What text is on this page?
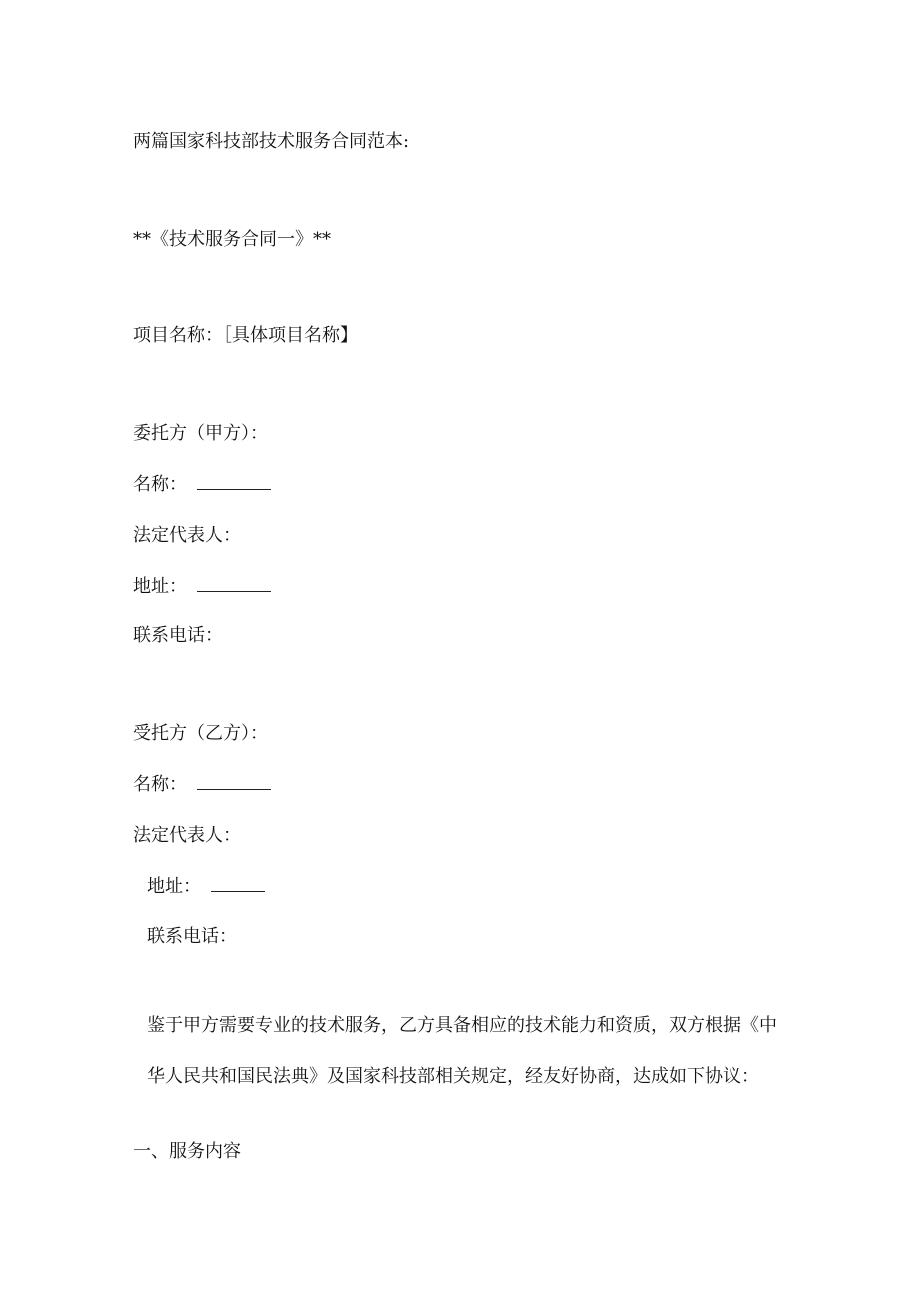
两篇国家科技部技术服务合同范本:
**《技术服务合同一》**
项目名称：［具体项目名称】
委托方（甲方）：
名称：
法定代表人：
地址：
联系电话：
受托方（乙方）：
名称：
法定代表人：
地址：
联系电话：
鉴于甲方需要专业的技术服务，乙方具备相应的技术能力和资质，双方根据《中
华人民共和国民法典》及国家科技部相关规定，经友好协商，达成如下协议：
一、服务内容
